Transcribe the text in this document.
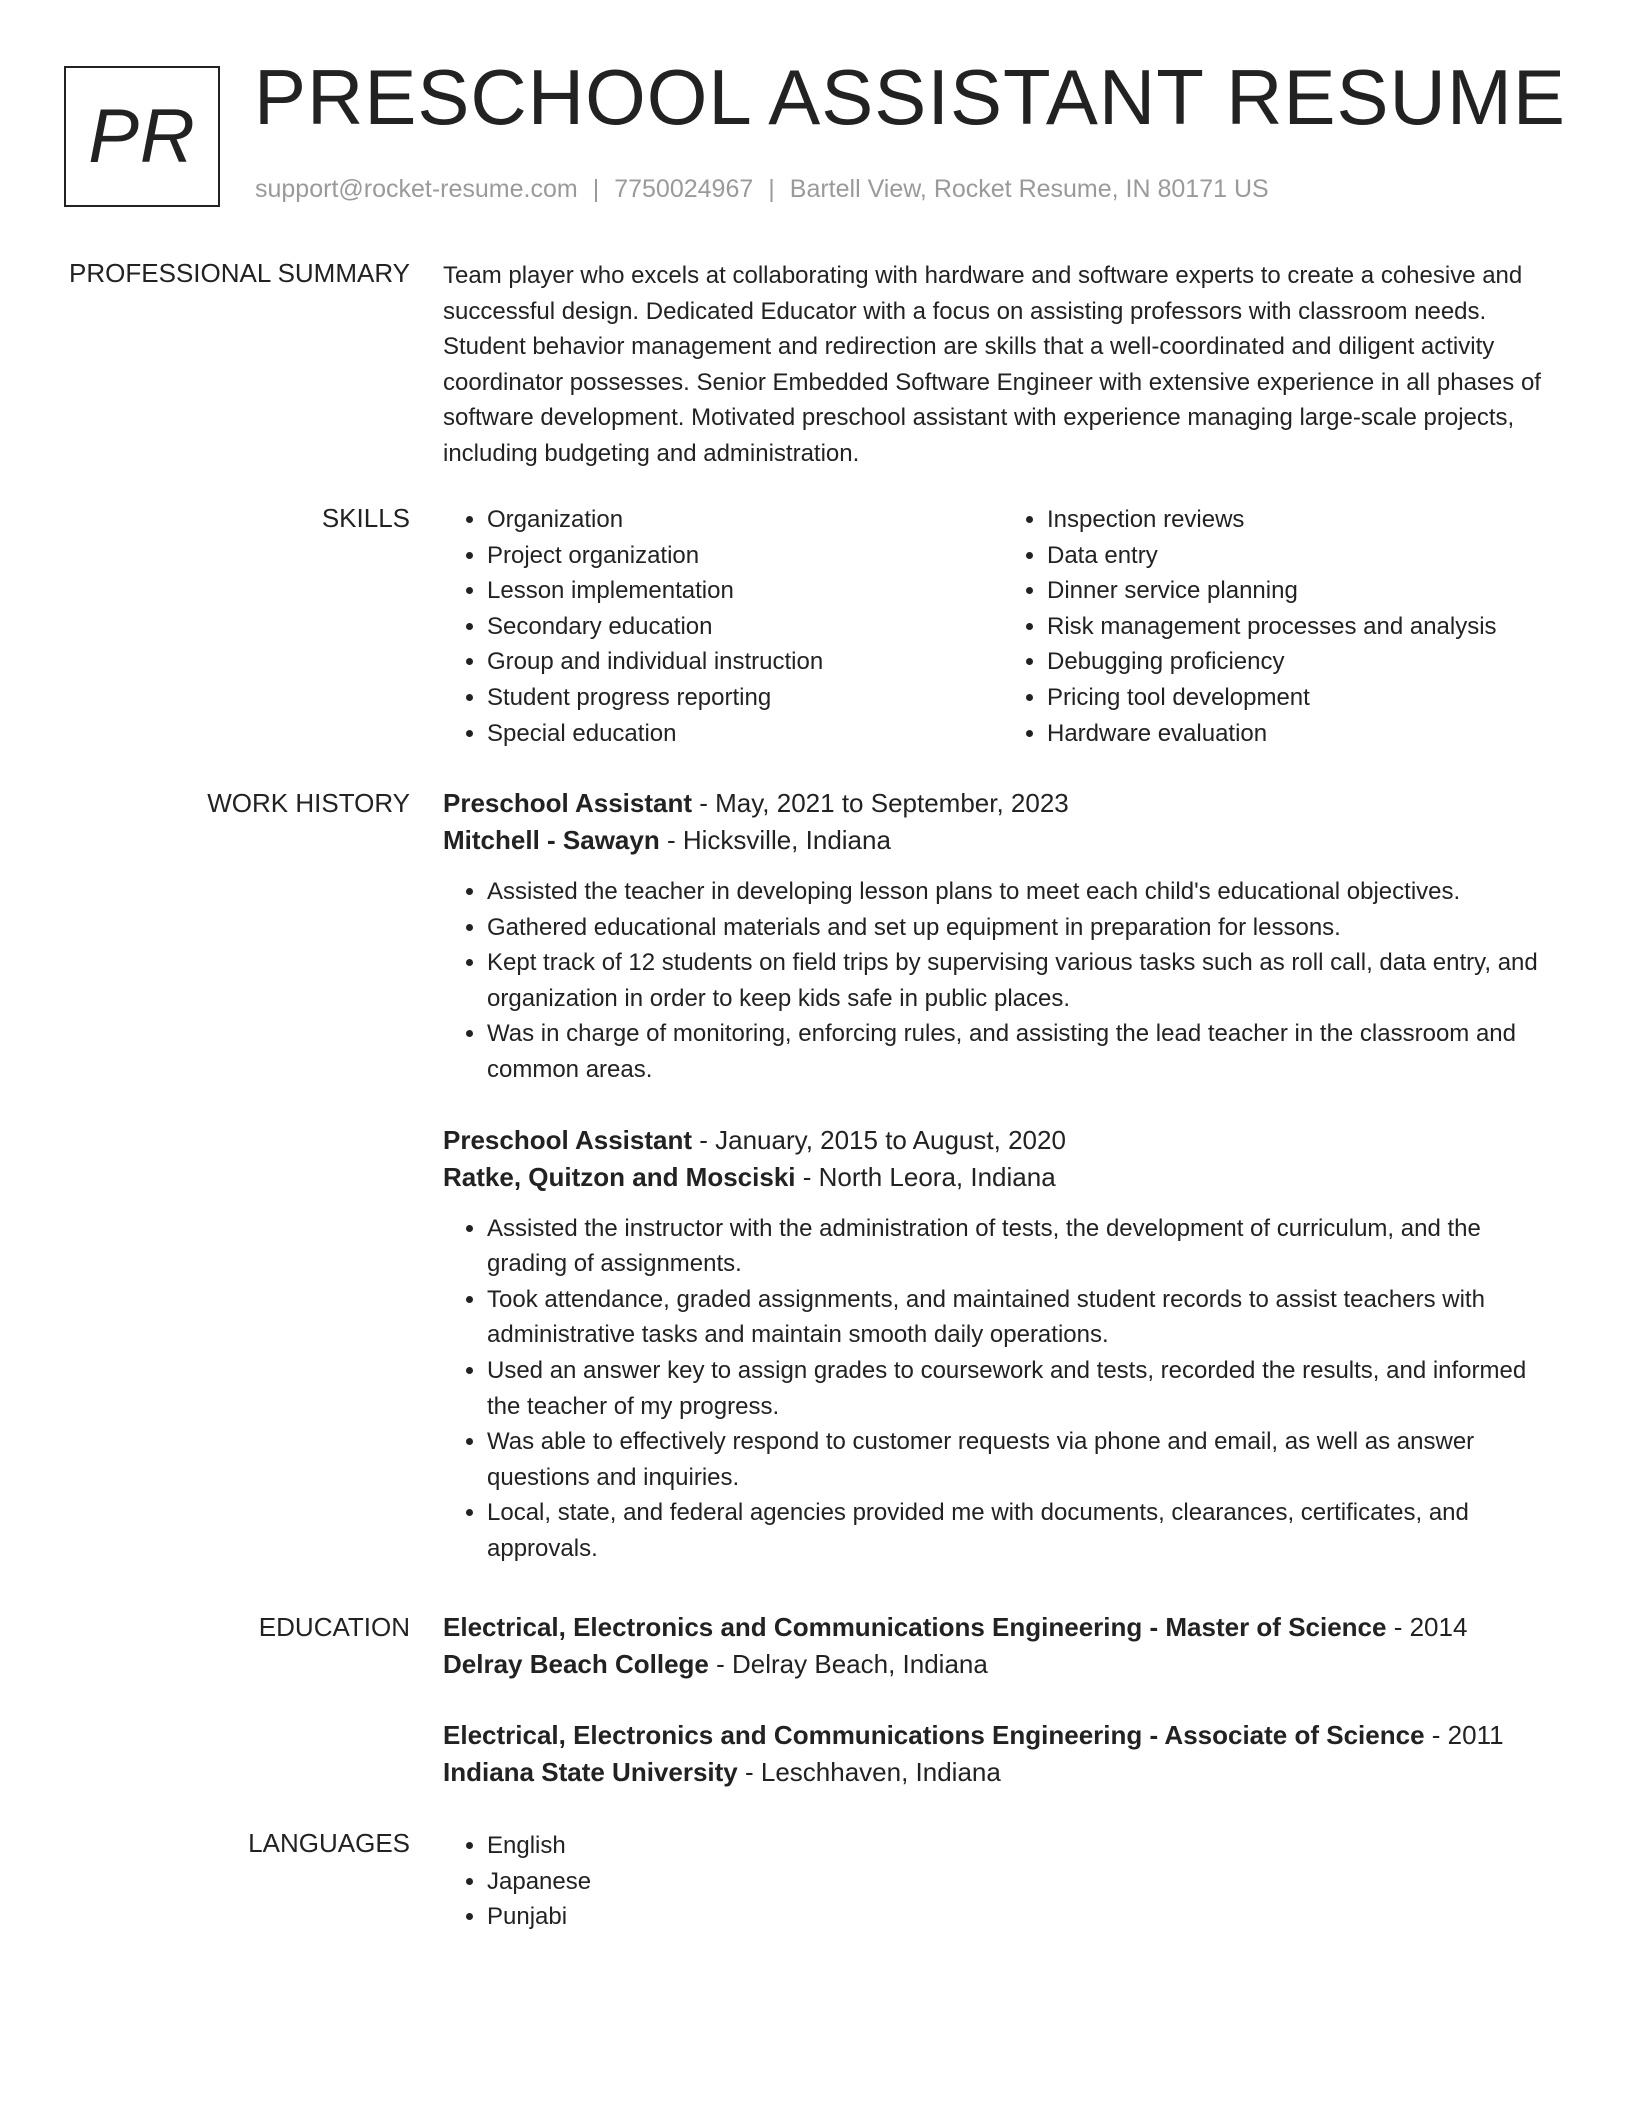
PR PRESCHOOL ASSISTANT RESUME
support@rocket-resume.com | 7750024967 | Bartell View, Rocket Resume, IN 80171 US
PROFESSIONAL SUMMARY Team player who excels at collaborating with hardware and software experts to create a cohesive and successful design. Dedicated Educator with a focus on assisting professors with classroom needs. Student behavior management and redirection are skills that a well-coordinated and diligent activity coordinator possesses. Senior Embedded Software Engineer with extensive experience in all phases of software development. Motivated preschool assistant with experience managing large-scale projects, including budgeting and administration.

SKILLS	• Organization
• Project organization
• Lesson implementation
• Secondary education
• Group and individual instruction
• Student progress reporting
• Special education
• Inspection reviews
• Data entry
• Dinner service planning
• Risk management processes and analysis
• Debugging proficiency
• Pricing tool development
• Hardware evaluation
WORK HISTORY Preschool Assistant - May, 2021 to September, 2023
Mitchell - Sawayn - Hicksville, Indiana
• Assisted the teacher in developing lesson plans to meet each child's educational objectives.
• Gathered educational materials and set up equipment in preparation for lessons.
• Kept track of 12 students on field trips by supervising various tasks such as roll call, data entry, and organization in order to keep kids safe in public places.
• Was in charge of monitoring, enforcing rules, and assisting the lead teacher in the classroom and common areas.
Preschool Assistant - January, 2015 to August, 2020
Ratke, Quitzon and Mosciski - North Leora, Indiana
• Assisted the instructor with the administration of tests, the development of curriculum, and the grading of assignments.
• Took attendance, graded assignments, and maintained student records to assist teachers with administrative tasks and maintain smooth daily operations.
• Used an answer key to assign grades to coursework and tests, recorded the results, and informed the teacher of my progress.
• Was able to effectively respond to customer requests via phone and email, as well as answer questions and inquiries.
• Local, state, and federal agencies provided me with documents, clearances, certificates, and approvals.
EDUCATION Electrical, Electronics and Communications Engineering - Master of Science - 2014
Delray Beach College - Delray Beach, Indiana
Electrical, Electronics and Communications Engineering - Associate of Science - 2011
Indiana State University - Leschhaven, Indiana
LANGUAGES	• English
• Japanese
• Punjabi
